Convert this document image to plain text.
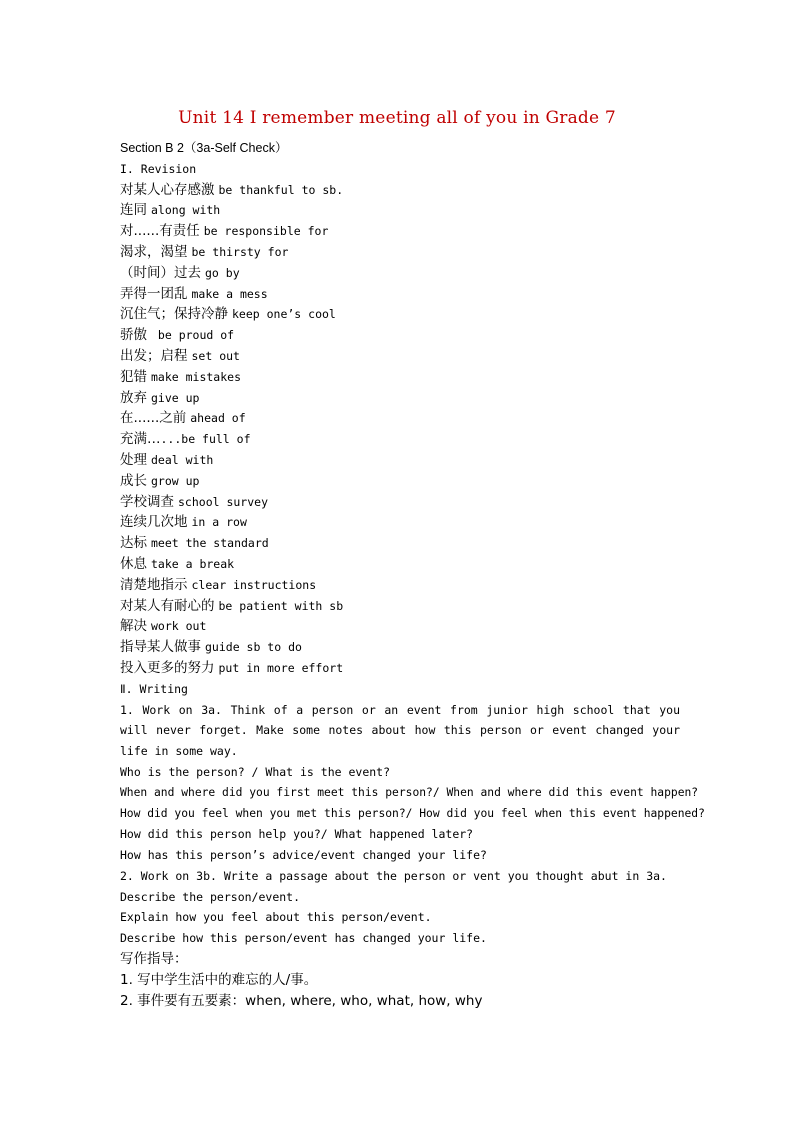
Unit 14 I remember meeting all of you in Grade 7
Section B 2（3a-Self Check）
I. Revision
对某人心存感激 be thankful to sb.
连同 along with
对......有责任 be responsible for
渴求，渴望 be thirsty for
（时间）过去 go by
弄得一团乱 make a mess
沉住气；保持冷静 keep one’s cool
骄傲 be proud of
出发；启程 set out
犯错 make mistakes
放弃 give up
在......之前 ahead of
充满…...be full of
处理 deal with
成长 grow up
学校调查 school survey
连续几次地 in a row
达标 meet the standard
休息 take a break
清楚地指示 clear instructions
对某人有耐心的 be patient with sb
解决 work out
指导某人做事 guide sb to do
投入更多的努力 put in more effort
Ⅱ. Writing
1. Work on 3a. Think of a person or an event from junior high school that you will never forget. Make some notes about how this person or event changed your life in some way.
Who is the person? / What is the event?
When and where did you first meet this person?/ When and where did this event happen?
How did you feel when you met this person?/ How did you feel when this event happened?
How did this person help you?/ What happened later?
How has this person’s advice/event changed your life?
2. Work on 3b. Write a passage about the person or vent you thought abut in 3a.
Describe the person/event.
Explain how you feel about this person/event.
Describe how this person/event has changed your life.
写作指导：
1. 写中学生活中的难忘的人/事。
2. 事件要有五要素：when, where, who, what, how, why
